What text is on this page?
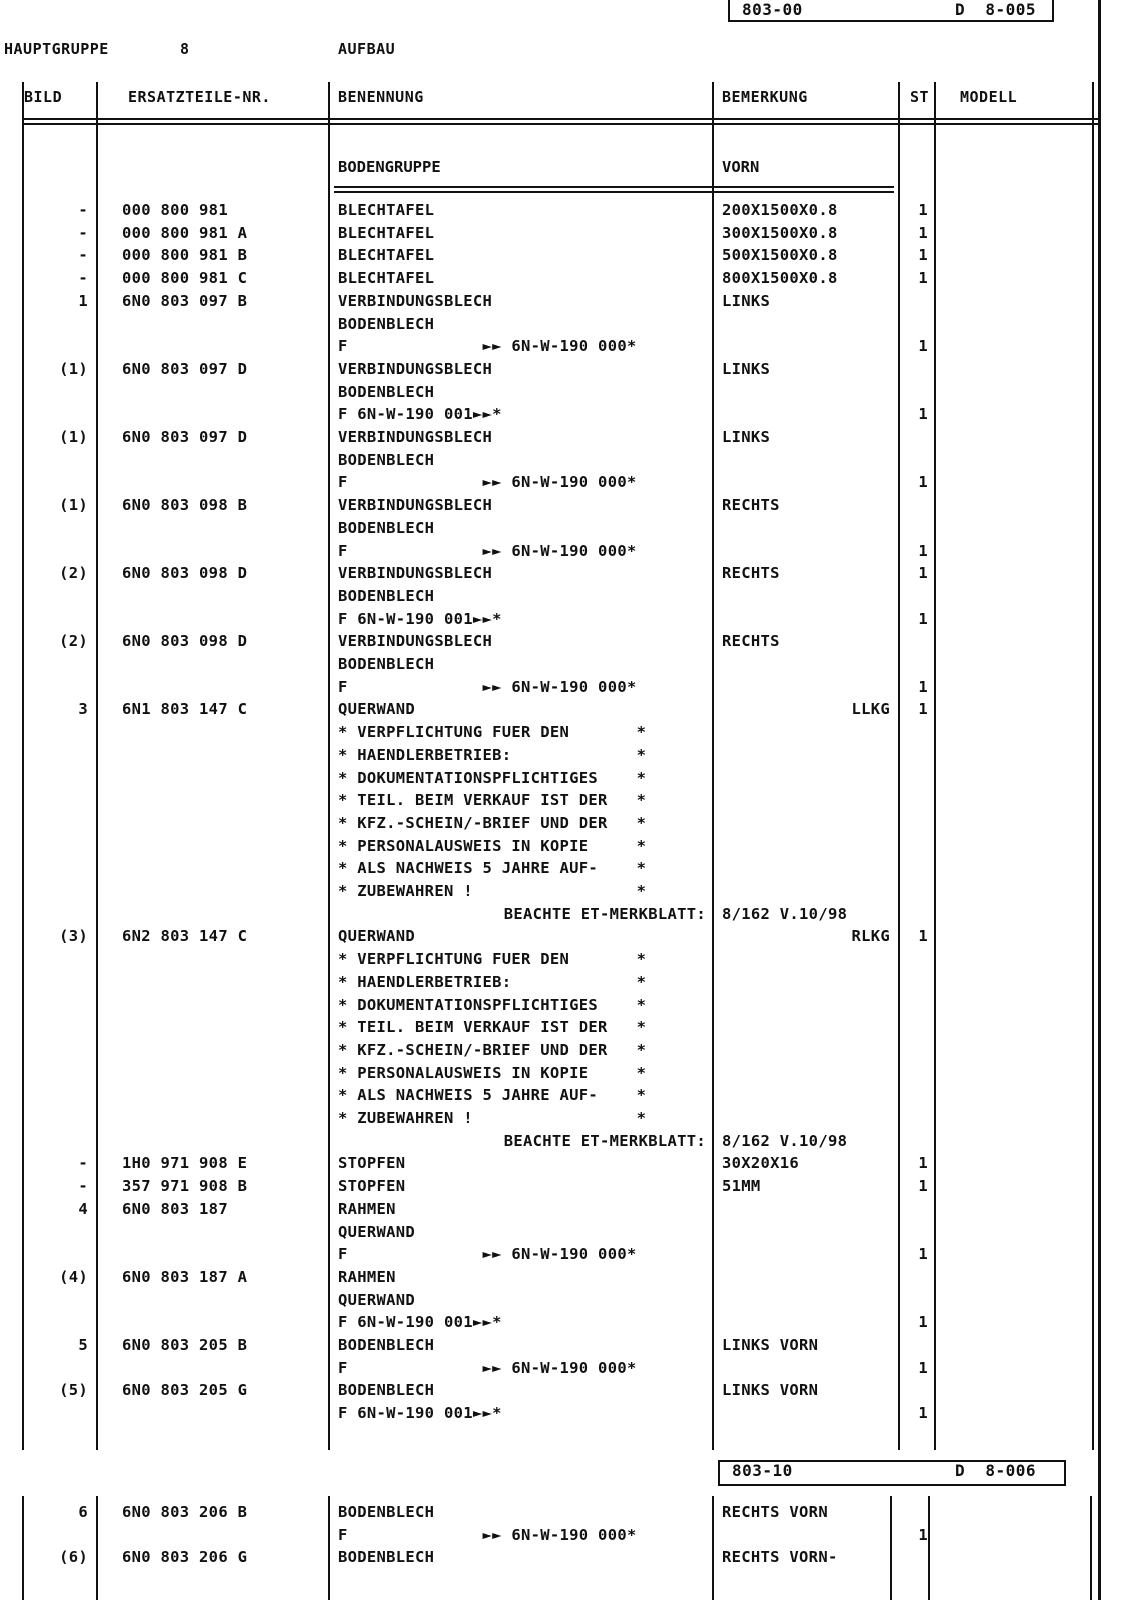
803-00	D  8-005
HAUPTGRUPPE	8	AUFBAU
BILD	ERSATZTEILE-NR.	BENENNUNG	BEMERKUNG	ST MODELL
BODENGRUPPE	VORN
- 000 800 981	BLECHTAFEL	200X1500X0.8	1
- 000 800 981 A	BLECHTAFEL	300X1500X0.8	1
- 000 800 981 B	BLECHTAFEL	500X1500X0.8	1
- 000 800 981 C	BLECHTAFEL	800X1500X0.8	1
1 6N0 803 097 B	VERBINDUNGSBLECH	LINKS
BODENBLECH
F              ►► 6N-W-190 000*	1
(1) 6N0 803 097 D	VERBINDUNGSBLECH	LINKS
BODENBLECH
F 6N-W-190 001►►*	1
(1) 6N0 803 097 D	VERBINDUNGSBLECH	LINKS
BODENBLECH
F              ►► 6N-W-190 000*	1
(1) 6N0 803 098 B	VERBINDUNGSBLECH	RECHTS
BODENBLECH
F              ►► 6N-W-190 000*	1
(2) 6N0 803 098 D	VERBINDUNGSBLECH	RECHTS	1
BODENBLECH
F 6N-W-190 001►►*	1
(2) 6N0 803 098 D	VERBINDUNGSBLECH	RECHTS
BODENBLECH
F              ►► 6N-W-190 000*	1
3 6N1 803 147 C	QUERWAND	LLKG	1
* VERPFLICHTUNG FUER DEN       *
* HAENDLERBETRIEB:             *
* DOKUMENTATIONSPFLICHTIGES    *
* TEIL. BEIM VERKAUF IST DER   *
* KFZ.-SCHEIN/-BRIEF UND DER   *
* PERSONALAUSWEIS IN KOPIE     *
* ALS NACHWEIS 5 JAHRE AUF-    *
* ZUBEWAHREN !                 *
BEACHTE ET-MERKBLATT: 8/162 V.10/98
(3) 6N2 803 147 C	QUERWAND	RLKG	1
* VERPFLICHTUNG FUER DEN       *
* HAENDLERBETRIEB:             *
* DOKUMENTATIONSPFLICHTIGES    *
* TEIL. BEIM VERKAUF IST DER   *
* KFZ.-SCHEIN/-BRIEF UND DER   *
* PERSONALAUSWEIS IN KOPIE     *
* ALS NACHWEIS 5 JAHRE AUF-    *
* ZUBEWAHREN !                 *
BEACHTE ET-MERKBLATT: 8/162 V.10/98
- 1H0 971 908 E	STOPFEN	30X20X16	1
- 357 971 908 B	STOPFEN	51MM	1
4 6N0 803 187	RAHMEN
QUERWAND
F              ►► 6N-W-190 000*	1
(4) 6N0 803 187 A	RAHMEN
QUERWAND
F 6N-W-190 001►►*	1
5 6N0 803 205 B	BODENBLECH	LINKS VORN
F              ►► 6N-W-190 000*	1
(5) 6N0 803 205 G	BODENBLECH	LINKS VORN
F 6N-W-190 001►►*	1
803-10	D  8-006
6 6N0 803 206 B	BODENBLECH	RECHTS VORN
F              ►► 6N-W-190 000*	1
(6) 6N0 803 206 G	BODENBLECH	RECHTS VORN-
